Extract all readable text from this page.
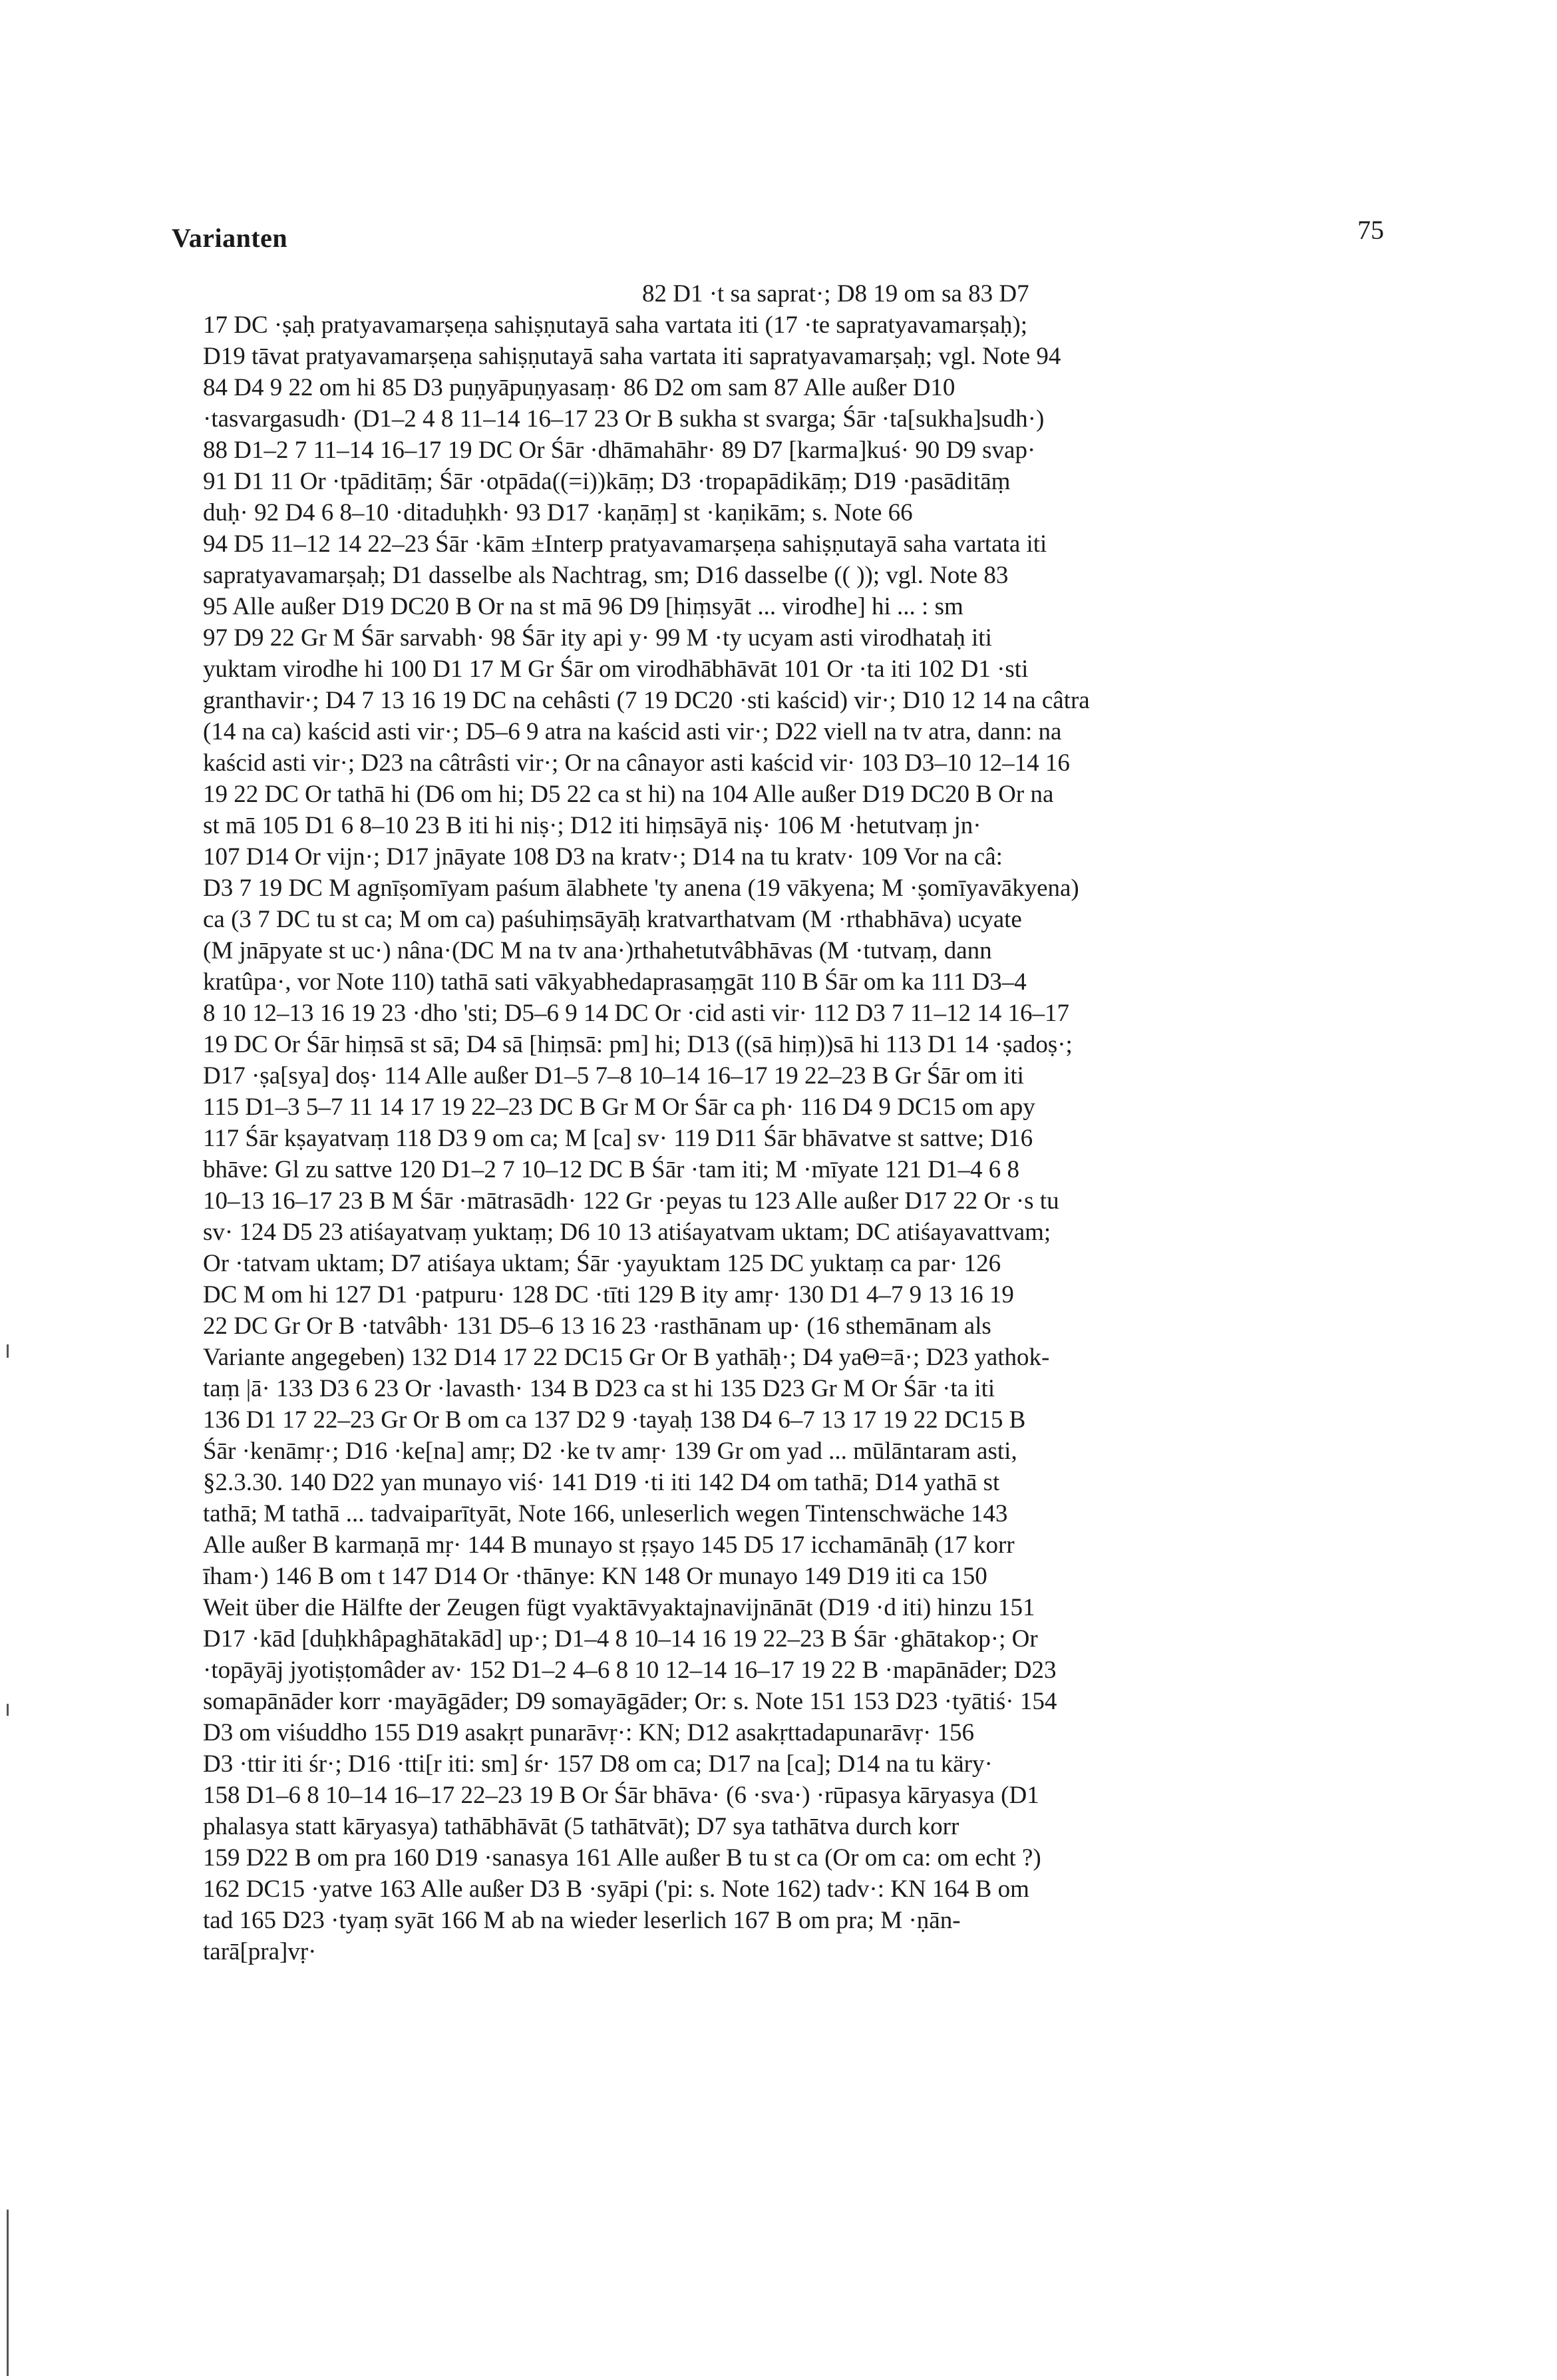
Varianten	75
82 D1 ·t sa saprat·; D8 19 om sa 83 D7
17 DC ·ṣaḥ pratyavamarṣeṇa sahiṣṇutayā saha vartata iti (17 ·te sapratyavamarṣaḥ);
D19 tāvat pratyavamarṣeṇa sahiṣṇutayā saha vartata iti sapratyavamarṣaḥ; vgl. Note 94
84 D4 9 22 om hi 85 D3 puṇyāpuṇyasaṃ· 86 D2 om sam 87 Alle außer D10
·tasvargasudh· (D1–2 4 8 11–14 16–17 23 Or B sukha st svarga; Śār ·ta[sukha]sudh·)
88 D1–2 7 11–14 16–17 19 DC Or Śār ·dhāmahāhr· 89 D7 [karma]kuś· 90 D9 svap·
91 D1 11 Or ·tpāditāṃ; Śār ·otpāda((=i))kāṃ; D3 ·tropapādikāṃ; D19 ·pasāditāṃ
duḥ· 92 D4 6 8–10 ·ditaduḥkh· 93 D17 ·kaṇāṃ] st ·kaṇikām; s. Note 66
94 D5 11–12 14 22–23 Śār ·kām ±Interp pratyavamarṣeṇa sahiṣṇutayā saha vartata iti
sapratyavamarṣaḥ; D1 dasselbe als Nachtrag, sm; D16 dasselbe (( )); vgl. Note 83
95 Alle außer D19 DC20 B Or na st mā 96 D9 [hiṃsyāt ... virodhe] hi ... : sm
97 D9 22 Gr M Śār sarvabh· 98 Śār ity api y· 99 M ·ty ucyam asti virodhataḥ iti
yuktam virodhe hi 100 D1 17 M Gr Śār om virodhābhāvāt 101 Or ·ta iti 102 D1 ·sti
granthavir·; D4 7 13 16 19 DC na cehâsti (7 19 DC20 ·sti kaścid) vir·; D10 12 14 na câtra
(14 na ca) kaścid asti vir·; D5–6 9 atra na kaścid asti vir·; D22 viell na tv atra, dann: na
kaścid asti vir·; D23 na câtrâsti vir·; Or na cânayor asti kaścid vir· 103 D3–10 12–14 16
19 22 DC Or tathā hi (D6 om hi; D5 22 ca st hi) na 104 Alle außer D19 DC20 B Or na
st mā 105 D1 6 8–10 23 B iti hi niṣ·; D12 iti hiṃsāyā niṣ· 106 M ·hetutvaṃ jn·
107 D14 Or vijn·; D17 jnāyate 108 D3 na kratv·; D14 na tu kratv· 109 Vor na câ:
D3 7 19 DC M agnīṣomīyam paśum ālabhete 'ty anena (19 vākyena; M ·ṣomīyavākyena)
ca (3 7 DC tu st ca; M om ca) paśuhiṃsāyāḥ kratvarthatvam (M ·rthabhāva) ucyate
(M jnāpyate st uc·) nâna·(DC M na tv ana·)rthahetutvâbhāvas (M ·tutvaṃ, dann
kratûpa·, vor Note 110) tathā sati vākyabhedaprasaṃgāt 110 B Śār om ka 111 D3–4
8 10 12–13 16 19 23 ·dho 'sti; D5–6 9 14 DC Or ·cid asti vir· 112 D3 7 11–12 14 16–17
19 DC Or Śār hiṃsā st sā; D4 sā [hiṃsā: pm] hi; D13 ((sā hiṃ))sā hi 113 D1 14 ·ṣadoṣ·;
D17 ·ṣa[sya] doṣ· 114 Alle außer D1–5 7–8 10–14 16–17 19 22–23 B Gr Śār om iti
115 D1–3 5–7 11 14 17 19 22–23 DC B Gr M Or Śār ca ph· 116 D4 9 DC15 om apy
117 Śār kṣayatvaṃ 118 D3 9 om ca; M [ca] sv· 119 D11 Śār bhāvatve st sattve; D16
bhāve: Gl zu sattve 120 D1–2 7 10–12 DC B Śār ·tam iti; M ·mīyate 121 D1–4 6 8
10–13 16–17 23 B M Śār ·mātrasādh· 122 Gr ·peyas tu 123 Alle außer D17 22 Or ·s tu
sv· 124 D5 23 atiśayatvaṃ yuktaṃ; D6 10 13 atiśayatvam uktam; DC atiśayavattvam;
Or ·tatvam uktam; D7 atiśaya uktam; Śār ·yayuktam 125 DC yuktaṃ ca par· 126
DC M om hi 127 D1 ·patpuru· 128 DC ·tīti 129 B ity amṛ· 130 D1 4–7 9 13 16 19
22 DC Gr Or B ·tatvâbh· 131 D5–6 13 16 23 ·rasthānam up· (16 sthemānam als
Variante angegeben) 132 D14 17 22 DC15 Gr Or B yathāḥ·; D4 yaΘ=ā·; D23 yathok-
taṃ |ā· 133 D3 6 23 Or ·lavasth· 134 B D23 ca st hi 135 D23 Gr M Or Śār ·ta iti
136 D1 17 22–23 Gr Or B om ca 137 D2 9 ·tayaḥ 138 D4 6–7 13 17 19 22 DC15 B
Śār ·kenāmṛ·; D16 ·ke[na] amṛ; D2 ·ke tv amṛ· 139 Gr om yad ... mūlāntaram asti,
§2.3.30. 140 D22 yan munayo viś· 141 D19 ·ti iti 142 D4 om tathā; D14 yathā st
tathā; M tathā ... tadvaiparītyāt, Note 166, unleserlich wegen Tintenschwäche 143
Alle außer B karmaṇā mṛ· 144 B munayo st ṛṣayo 145 D5 17 icchamānāḥ (17 korr
īham·) 146 B om t 147 D14 Or ·thānye: KN 148 Or munayo 149 D19 iti ca 150
Weit über die Hälfte der Zeugen fügt vyaktāvyaktajnavijnānāt (D19 ·d iti) hinzu 151
D17 ·kād [duḥkhâpaghātakād] up·; D1–4 8 10–14 16 19 22–23 B Śār ·ghātakop·; Or
·topāyāj jyotiṣṭomâder av· 152 D1–2 4–6 8 10 12–14 16–17 19 22 B ·mapānāder; D23
somapānāder korr ·mayāgāder; D9 somayāgāder; Or: s. Note 151 153 D23 ·tyātiś· 154
D3 om viśuddho 155 D19 asakṛt punarāvṛ·: KN; D12 asakṛttadapunarāvṛ· 156
D3 ·ttir iti śr·; D16 ·tti[r iti: sm] śr· 157 D8 om ca; D17 na [ca]; D14 na tu käry·
158 D1–6 8 10–14 16–17 22–23 19 B Or Śār bhāva· (6 ·sva·) ·rūpasya kāryasya (D1
phalasya statt kāryasya) tathābhāvāt (5 tathātvāt); D7 sya tathātva durch korr
159 D22 B om pra 160 D19 ·sanasya 161 Alle außer B tu st ca (Or om ca: om echt ?)
162 DC15 ·yatve 163 Alle außer D3 B ·syāpi ('pi: s. Note 162) tadv·: KN 164 B om
tad 165 D23 ·tyaṃ syāt 166 M ab na wieder leserlich 167 B om pra; M ·ṇān-
tarā[pra]vṛ·
